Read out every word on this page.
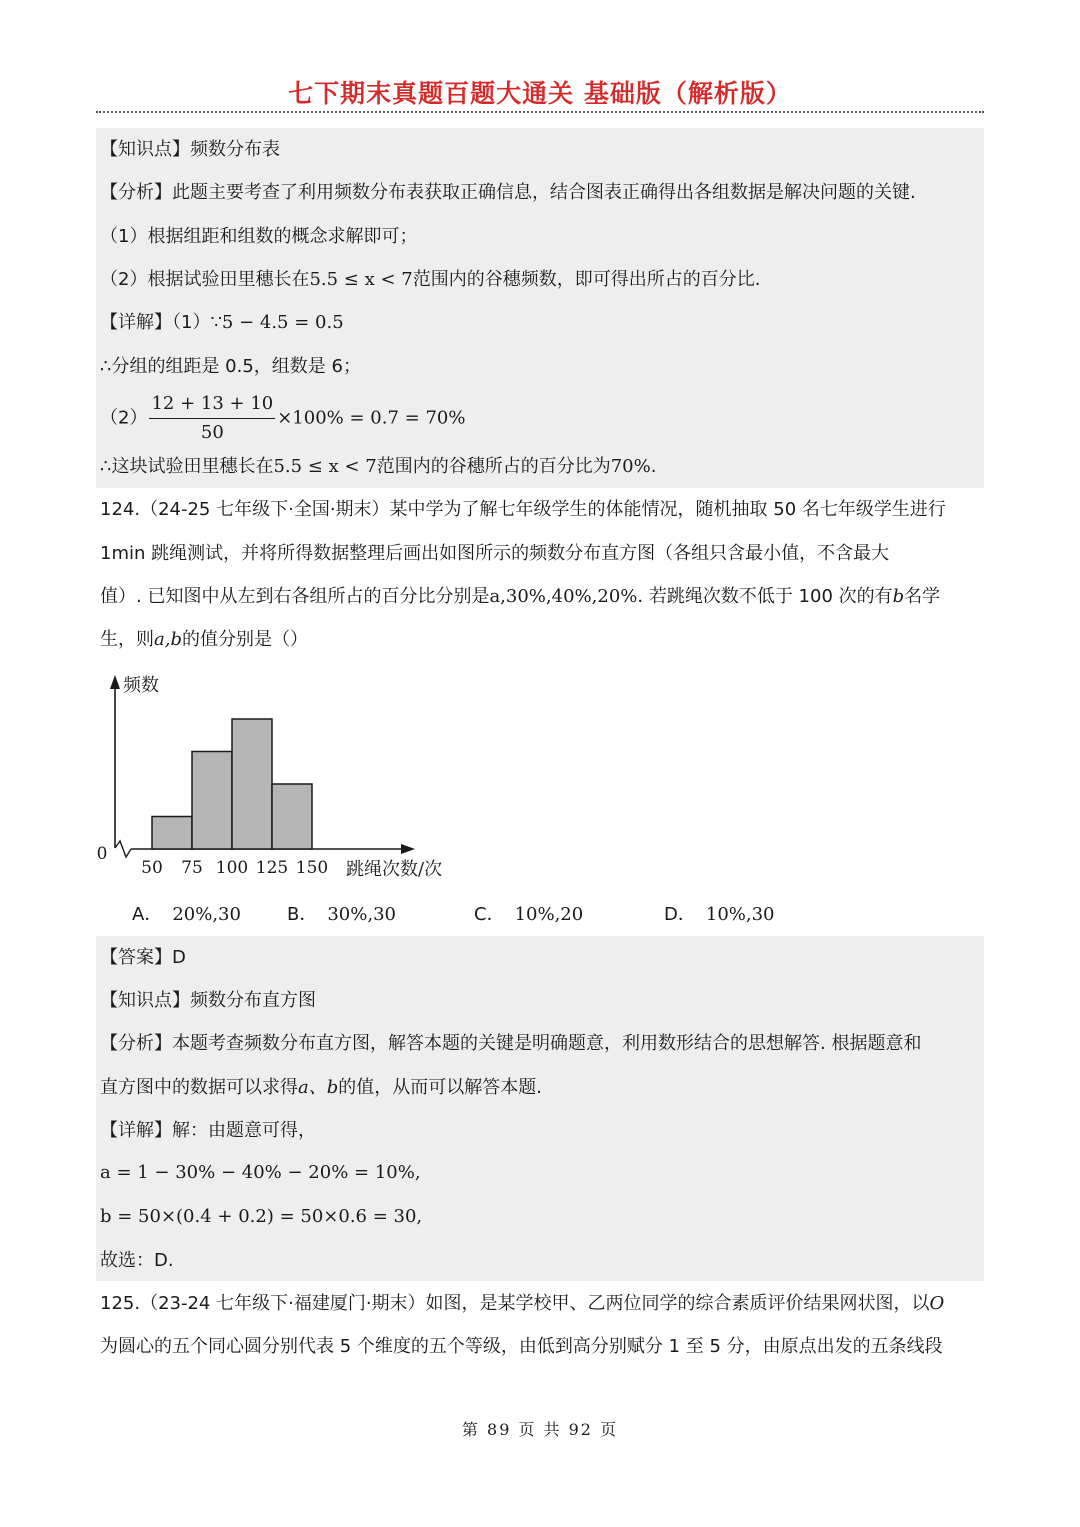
七下期末真题百题大通关 基础版（解析版）
【知识点】频数分布表
【分析】此题主要考查了利用频数分布表获取正确信息，结合图表正确得出各组数据是解决问题的关键.
（1）根据组距和组数的概念求解即可；
（2）根据试验田里穗长在5.5 ≤ x < 7范围内的谷穗频数，即可得出所占的百分比.
【详解】（1）∵5 − 4.5 = 0.5
∴分组的组距是 0.5，组数是 6；
$(2) \frac{12 + 13 + 10}{50} \times 100\% = 0.7 = 70\%$
∴这块试验田里穗长在5.5 ≤ x < 7范围内的谷穗所占的百分比为70%.
124.（24-25 七年级下·全国·期末）某中学为了解七年级学生的体能情况，随机抽取 50 名七年级学生进行
1min 跳绳测试，并将所得数据整理后画出如图所示的频数分布直方图（各组只含最小值，不含最大
值）. 已知图中从左到右各组所占的百分比分别是a,30%,40%,20%. 若跳绳次数不低于 100 次的有b名学
生，则a,b的值分别是（）
50 75 100 125 150
0
频数
跳绳次数/次
A． 20%,30	B． 30%,30	C． 10%,20	D． 10%,30
【答案】D
【知识点】频数分布直方图
【分析】本题考查频数分布直方图，解答本题的关键是明确题意，利用数形结合的思想解答. 根据题意和
直方图中的数据可以求得a、b的值，从而可以解答本题.
【详解】解：由题意可得，
a = 1 − 30% − 40% − 20% = 10%,
b = 50×(0.4 + 0.2) = 50×0.6 = 30,
故选：D.
125.（23-24 七年级下·福建厦门·期末）如图，是某学校甲、乙两位同学的综合素质评价结果网状图，以O
为圆心的五个同心圆分别代表 5 个维度的五个等级，由低到高分别赋分 1 至 5 分，由原点出发的五条线段
第 89 页 共 92 页
